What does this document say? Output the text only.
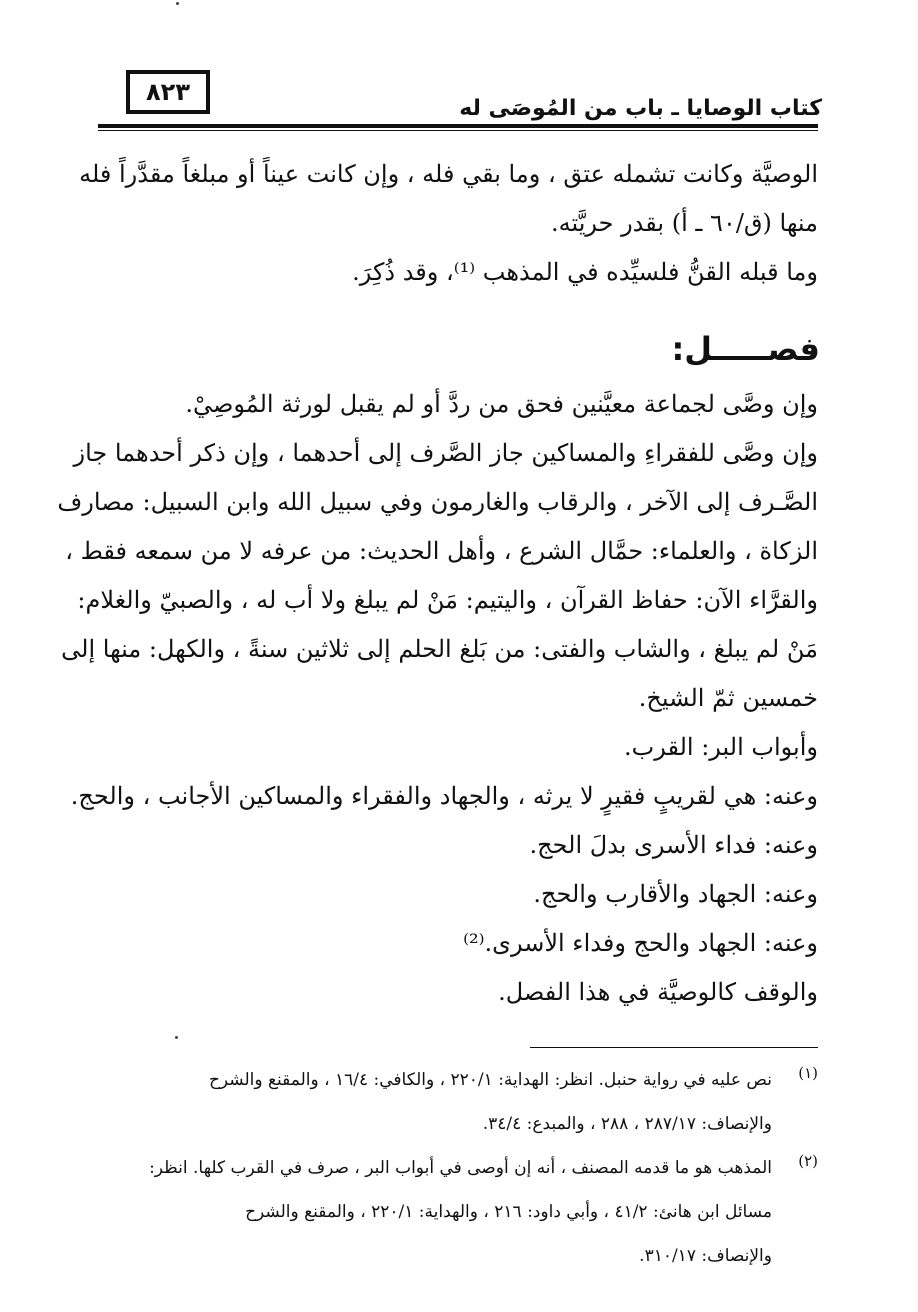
٨٢٣
كتاب الوصايا ـ باب من المُوصَى له
الوصيَّة وكانت تشمله عتق ، وما بقي فله ، وإن كانت عيناً أو مبلغاً مقدَّراً فله
منها (ق/٦٠ ـ أ) بقدر حريَّته.
وما قبله القنُّ فلسيِّده في المذهب ⁽¹⁾، وقد ذُكِرَ.
فصـــــل:
وإن وصَّى لجماعة معيَّنين فحق من ردَّ أو لم يقبل لورثة المُوصِيْ.
وإن وصَّى للفقراءِ والمساكين جاز الصَّرف إلى أحدهما ، وإن ذكر أحدهما جاز
الصَّـرف إلى الآخر ، والرقاب والغارمون وفي سبيل الله وابن السبيل: مصارف
الزكاة ، والعلماء: حمَّال الشرع ، وأهل الحديث: من عرفه لا من سمعه فقط ،
والقرَّاء الآن: حفاظ القرآن ، واليتيم: مَنْ لم يبلغ ولا أب له ، والصبيّ والغلام:
مَنْ لم يبلغ ، والشاب والفتى: من بَلغ الحلم إلى ثلاثين سنةً ، والكهل: منها إلى
خمسين ثمّ الشيخ.
وأبواب البر: القرب.
وعنه: هي لقريبٍ فقيرٍ لا يرثه ، والجهاد والفقراء والمساكين الأجانب ، والحج.
وعنه: فداء الأسرى بدلَ الحج.
وعنه: الجهاد والأقارب والحج.
وعنه: الجهاد والحج وفداء الأسرى.⁽²⁾
والوقف كالوصيَّة في هذا الفصل.
(١)
نص عليه في رواية حنبل. انظر: الهداية: ٢٢٠/١ ، والكافي: ١٦/٤ ، والمقنع والشرح
والإنصاف: ٢٨٧/١٧ ، ٢٨٨ ، والمبدع: ٣٤/٤.
(٢)
المذهب هو ما قدمه المصنف ، أنه إن أوصى في أبواب البر ، صرف في القرب كلها. انظر:
مسائل ابن هانئ: ٤١/٢ ، وأبي داود: ٢١٦ ، والهداية: ٢٢٠/١ ، والمقنع والشرح
والإنصاف: ٣١٠/١٧.
